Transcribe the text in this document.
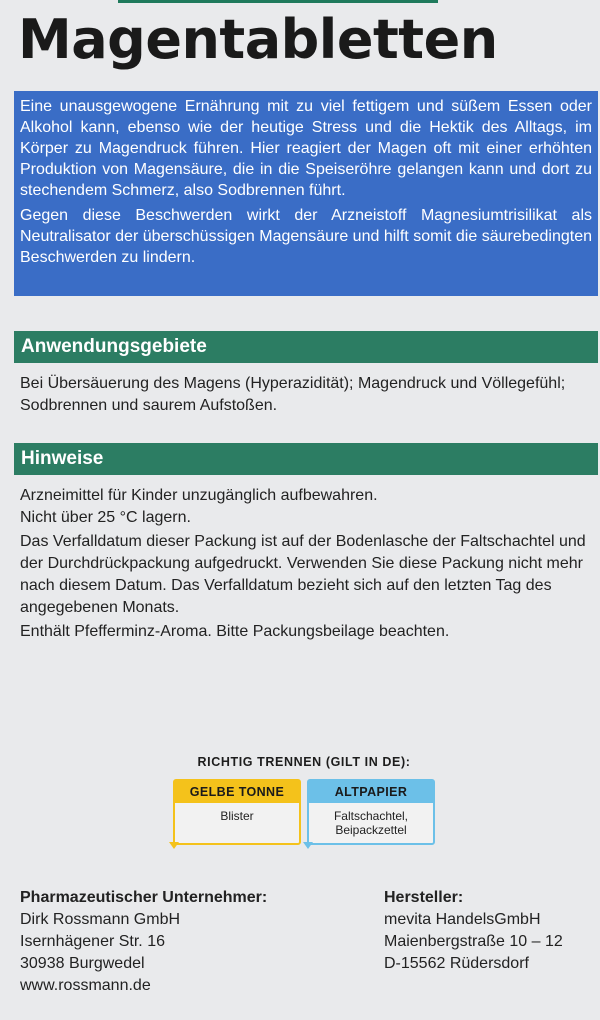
Magentabletten

Eine unausgewogene Ernährung mit zu viel fettigem und süßem Essen oder Alkohol kann, ebenso wie der heutige Stress und die Hektik des Alltags, im Körper zu Magendruck führen. Hier reagiert der Magen oft mit einer erhöhten Produktion von Magensäure, die in die Speiseröhre gelangen kann und dort zu stechendem Schmerz, also Sodbrennen führt.

Gegen diese Beschwerden wirkt der Arzneistoff Magnesiumtrisilikat als Neutralisator der überschüssigen Magensäure und hilft somit die säurebedingten Beschwerden zu lindern.

Anwendungsgebiete

Bei Übersäuerung des Magens (Hyperazidität); Magendruck und Völlegefühl; Sodbrennen und saurem Aufstoßen.

Hinweise

Arzneimittel für Kinder unzugänglich aufbewahren.

Nicht über 25 °C lagern.

Das Verfalldatum dieser Packung ist auf der Bodenlasche der Faltschachtel und der Durchdrückpackung aufgedruckt. Verwenden Sie diese Packung nicht mehr nach diesem Datum. Das Verfalldatum bezieht sich auf den letzten Tag des angegebenen Monats.

Enthält Pfefferminz-Aroma. Bitte Packungsbeilage beachten.

RICHTIG TRENNEN (GILT IN DE):
GELBE TONNE
Blister
ALTPAPIER
Faltschachtel, Beipackzettel
Pharmazeutischer Unternehmer:
Dirk Rossmann GmbH
Isernhägener Str. 16
30938 Burgwedel
www.rossmann.de
Hersteller:
mevita HandelsGmbH
Maienbergstraße 10 – 12
D-15562 Rüdersdorf
